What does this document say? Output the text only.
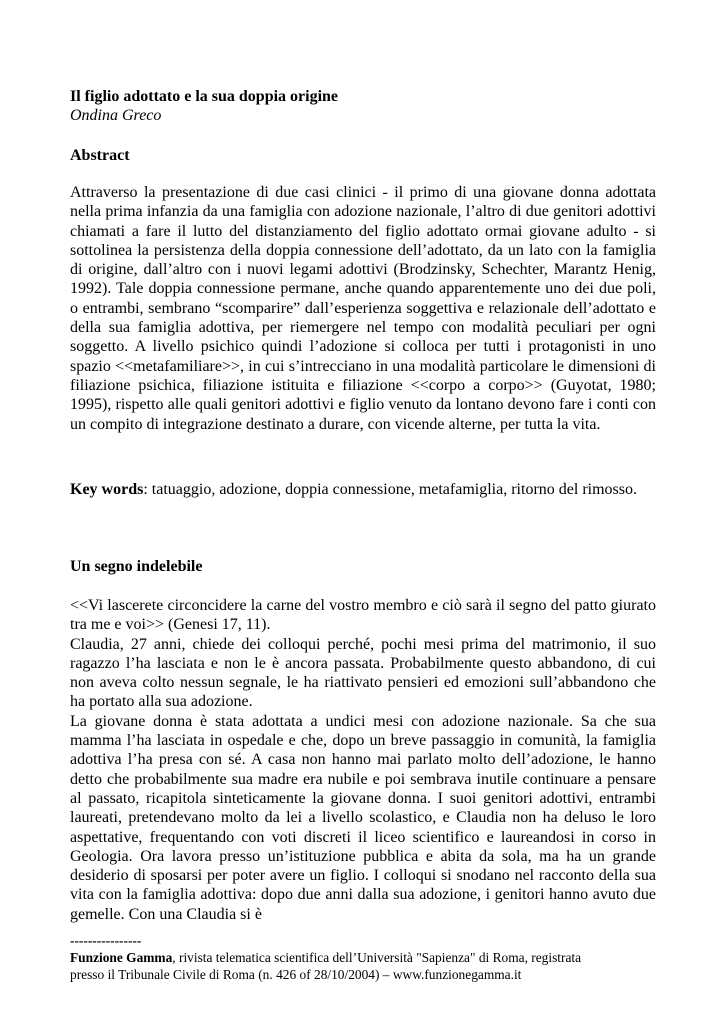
Il figlio adottato e la sua doppia origine
Ondina Greco
Abstract
Attraverso la presentazione di due casi clinici - il primo di una giovane donna adottata nella prima infanzia da una famiglia con adozione nazionale, l’altro di due genitori adottivi chiamati a fare il lutto del distanziamento del figlio adottato ormai giovane adulto - si sottolinea la persistenza della doppia connessione dell’adottato, da un lato con la famiglia di origine, dall’altro con i nuovi legami adottivi (Brodzinsky, Schechter, Marantz Henig, 1992). Tale doppia connessione permane, anche quando apparentemente uno dei due poli, o entrambi, sembrano “scomparire” dall’esperienza soggettiva e relazionale dell’adottato e della sua famiglia adottiva, per riemergere nel tempo con modalità peculiari per ogni soggetto. A livello psichico quindi l’adozione si colloca per tutti i protagonisti in uno spazio <<metafamiliare>>, in cui s’intrecciano in una modalità particolare le dimensioni di filiazione psichica, filiazione istituita e filiazione <<corpo a corpo>> (Guyotat, 1980; 1995), rispetto alle quali genitori adottivi e figlio venuto da lontano devono fare i conti con un compito di integrazione destinato a durare, con vicende alterne, per tutta la vita.
Key words: tatuaggio, adozione, doppia connessione, metafamiglia, ritorno del rimosso.
Un segno indelebile

<<Vi lascerete circoncidere la carne del vostro membro e ciò sarà il segno del patto giurato tra me e voi>> (Genesi 17, 11).

Claudia, 27 anni, chiede dei colloqui perché, pochi mesi prima del matrimonio, il suo ragazzo l’ha lasciata e non le è ancora passata. Probabilmente questo abbandono, di cui non aveva colto nessun segnale, le ha riattivato pensieri ed emozioni sull’abbandono che ha portato alla sua adozione.

La giovane donna è stata adottata a undici mesi con adozione nazionale. Sa che sua mamma l’ha lasciata in ospedale e che, dopo un breve passaggio in comunità, la famiglia adottiva l’ha presa con sé. A casa non hanno mai parlato molto dell’adozione, le hanno detto che probabilmente sua madre era nubile e poi sembrava inutile continuare a pensare al passato, ricapitola sinteticamente la giovane donna. I suoi genitori adottivi, entrambi laureati, pretendevano molto da lei a livello scolastico, e Claudia non ha deluso le loro aspettative, frequentando con voti discreti il liceo scientifico e laureandosi in corso in Geologia. Ora lavora presso un’istituzione pubblica e abita da sola, ma ha un grande desiderio di sposarsi per poter avere un figlio. I colloqui si snodano nel racconto della sua vita con la famiglia adottiva: dopo due anni dalla sua adozione, i genitori hanno avuto due gemelle. Con una Claudia si è

----------------
Funzione Gamma, rivista telematica scientifica dell’Università "Sapienza" di Roma, registrata
presso il Tribunale Civile di Roma (n. 426 of 28/10/2004) – www.funzionegamma.it
